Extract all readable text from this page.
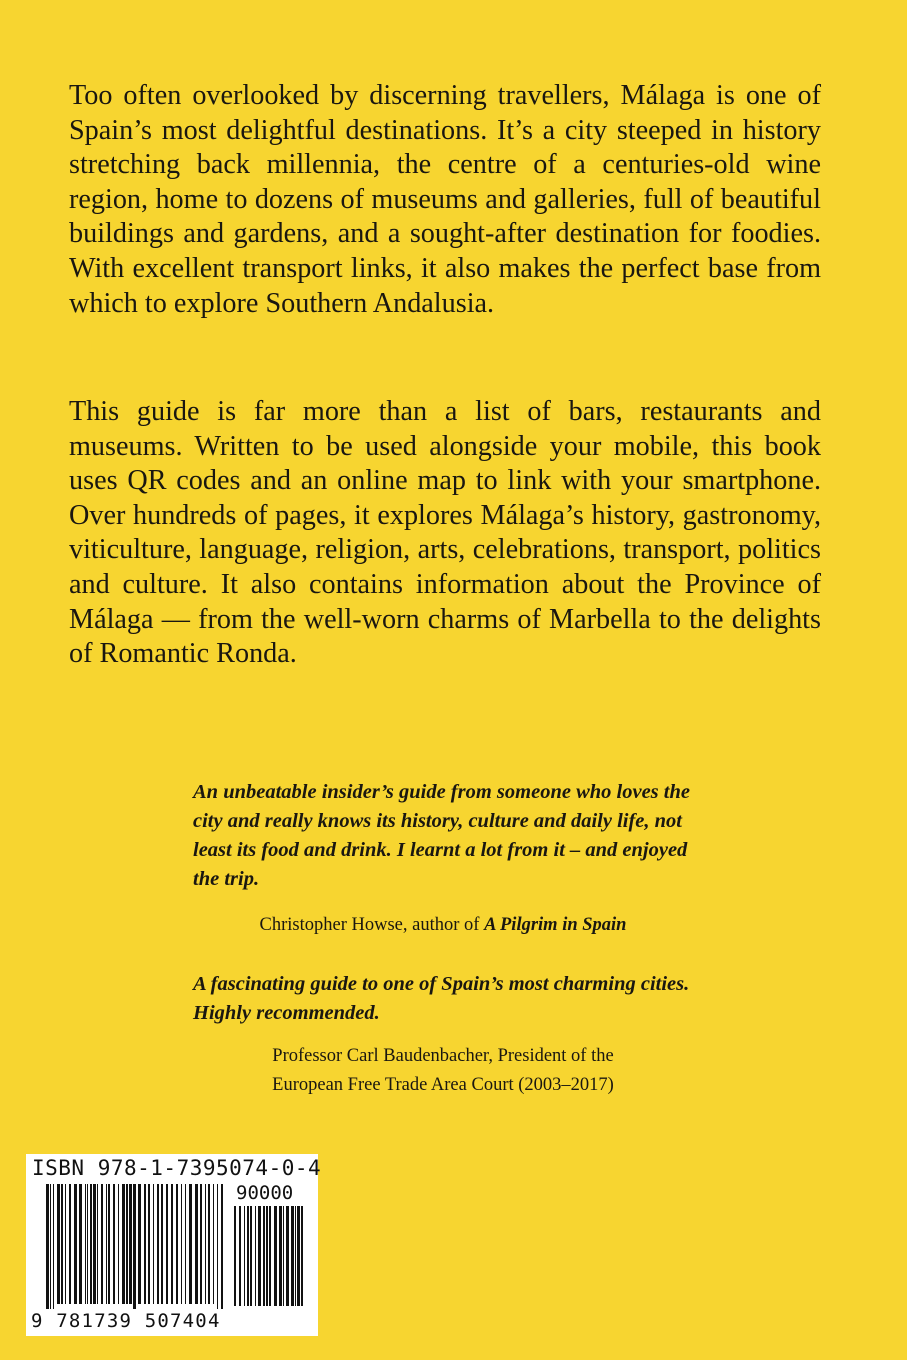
Too often overlooked by discerning travellers, Málaga is one of Spain’s most delightful destinations. It’s a city steeped in history stretching back millennia, the centre of a centuries-old wine region, home to dozens of museums and galleries, full of beautiful buildings and gardens, and a sought-after destination for foodies. With excellent transport links, it also makes the perfect base from which to explore Southern Andalusia.

This guide is far more than a list of bars, restaurants and museums. Written to be used alongside your mobile, this book uses QR codes and an online map to link with your smartphone. Over hundreds of pages, it explores Málaga’s history, gastronomy, viticulture, language, religion, arts, celebrations, transport, politics and culture. It also contains information about the Province of Málaga — from the well-worn charms of Marbella to the delights of Romantic Ronda.

An unbeatable insider’s guide from someone who loves the city and really knows its history, culture and daily life, not least its food and drink. I learnt a lot from it – and enjoyed the trip.

Christopher Howse, author of A Pilgrim in Spain

A fascinating guide to one of Spain’s most charming cities. Highly recommended.

Professor Carl Baudenbacher, President of the
European Free Trade Area Court (2003–2017)

ISBN 978-1-7395074-0-4
90000
9 781739 507404
